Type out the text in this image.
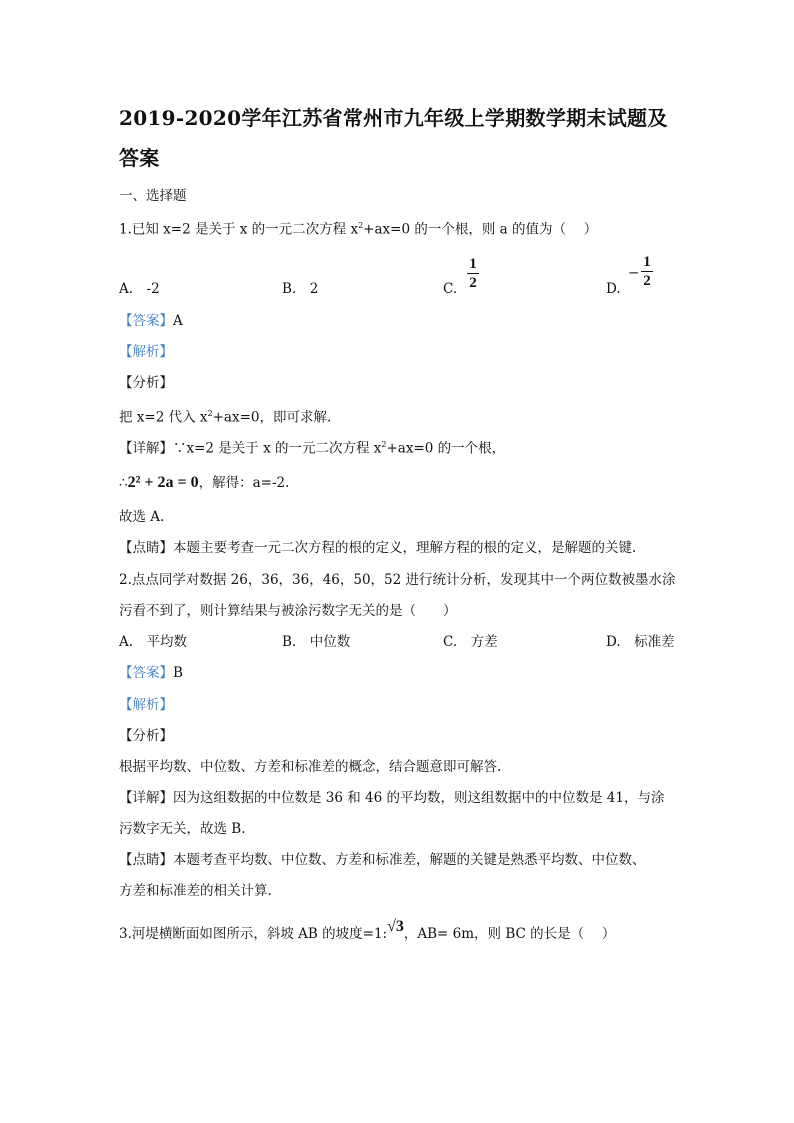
2019-2020学年江苏省常州市九年级上学期数学期末试题及
答案
一、选择题
1.已知 x=2 是关于 x 的一元二次方程 $x^2+ax=0$ 的一个根，则 a 的值为（　 ）
A.　-2	B.　2	C.
1
2	D.
−
1
2
【答案】A
【解析】
【分析】
把 x=2 代入 $x^2+ax=0$，即可求解.
【详解】∵x=2 是关于 x 的一元二次方程 $x^2+ax=0$ 的一个根，
∴2² + 2a = 0，解得：a=-2.
故选 A.
【点睛】本题主要考查一元二次方程的根的定义，理解方程的根的定义，是解题的关键.
2.点点同学对数据 26，36，36，46，50，52 进行统计分析，发现其中一个两位数被墨水涂
污看不到了，则计算结果与被涂污数字无关的是（　　）
A.　平均数	B.　中位数	C.　方差	D.　标准差
【答案】B
【解析】
【分析】
根据平均数、中位数、方差和标准差的概念，结合题意即可解答.
【详解】因为这组数据的中位数是 36 和 46 的平均数，则这组数据中的中位数是 41，与涂
污数字无关，故选 B.
【点睛】本题考查平均数、中位数、方差和标准差，解题的关键是熟悉平均数、中位数、
方差和标准差的相关计算.
3.河堤横断面如图所示，斜坡 AB 的坡度=1:√3，AB= 6m，则 BC 的长是（　 ）
